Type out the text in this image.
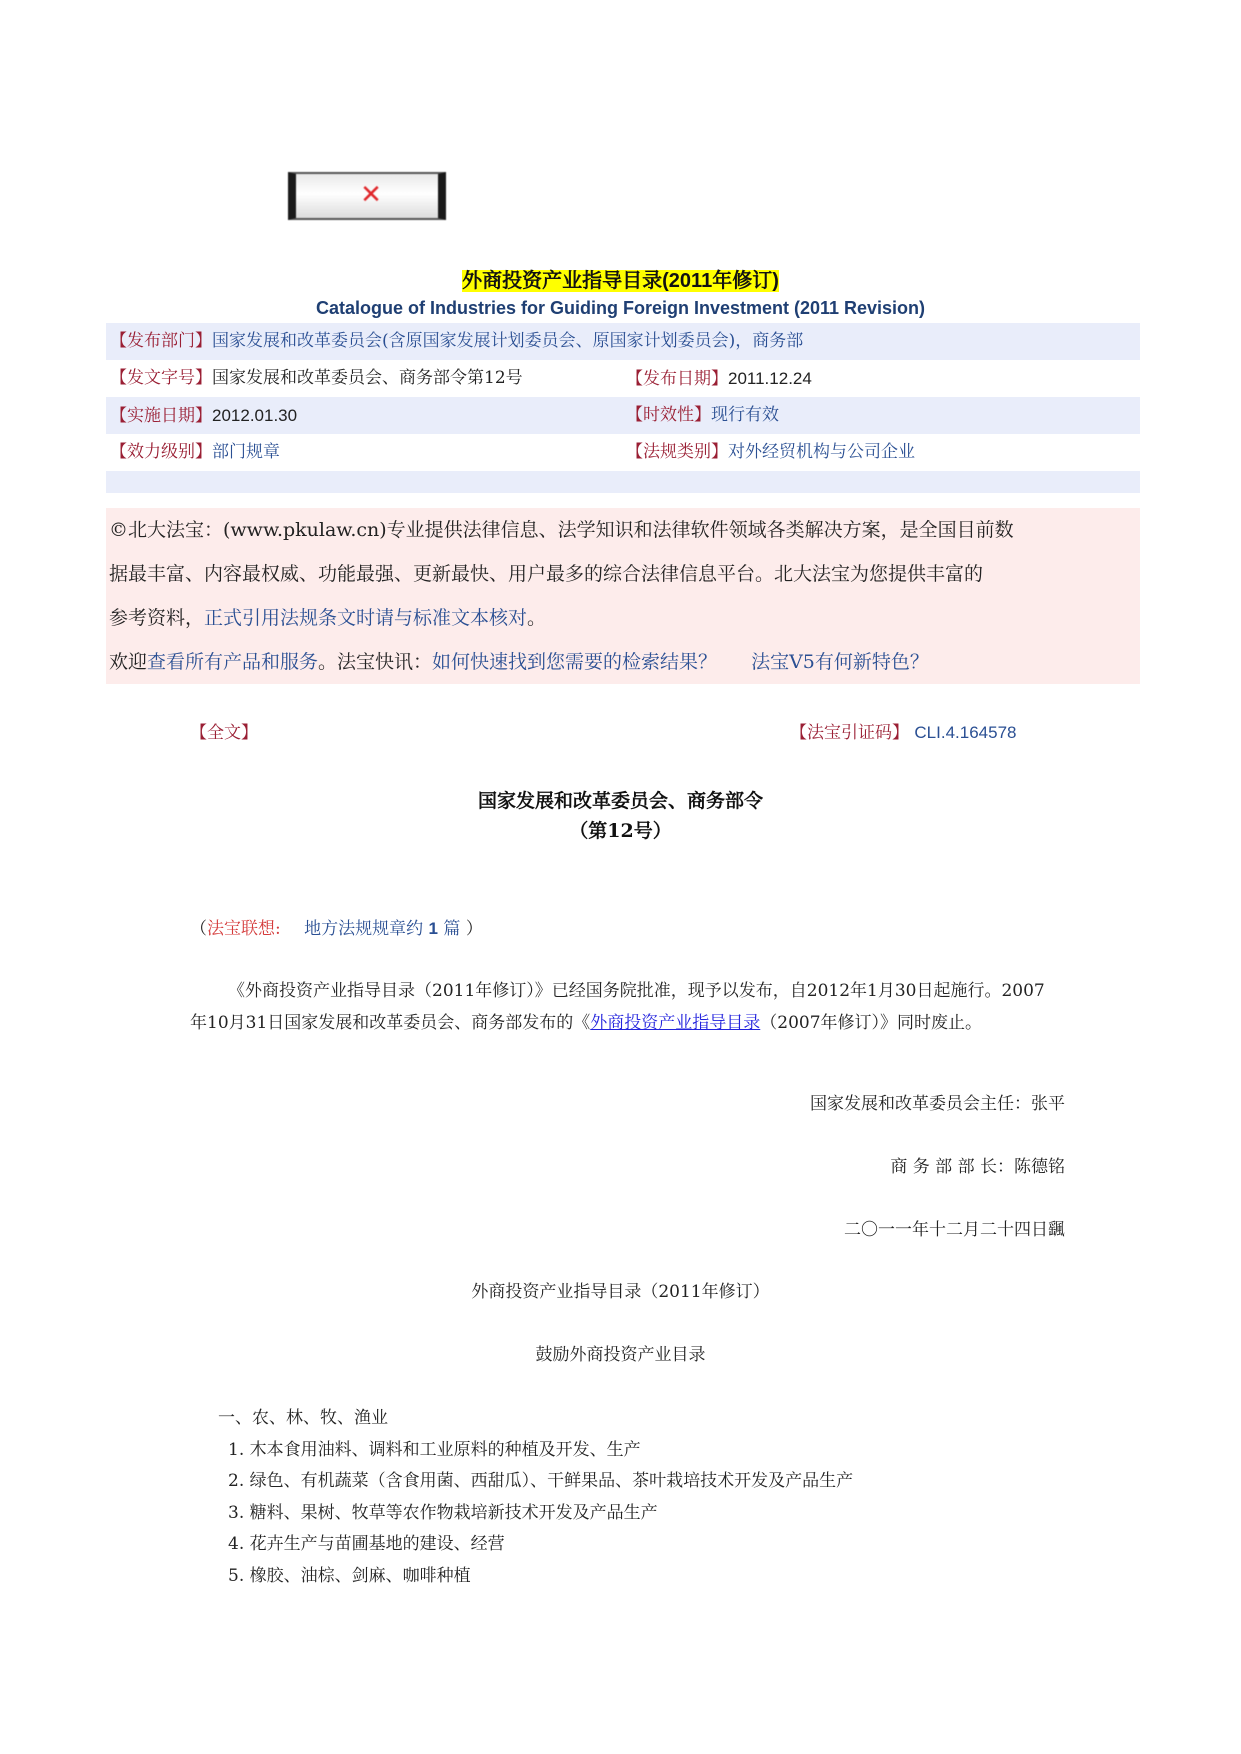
✕
外商投资产业指导目录(2011年修订)
Catalogue of Industries for Guiding Foreign Investment (2011 Revision)
【发布部门】国家发展和改革委员会(含原国家发展计划委员会、原国家计划委员会)，商务部
【发文字号】国家发展和改革委员会、商务部令第12号	【发布日期】2011.12.24
【实施日期】2012.01.30	【时效性】现行有效
【效力级别】部门规章	【法规类别】对外经贸机构与公司企业

©北大法宝：(www.pkulaw.cn)专业提供法律信息、法学知识和法律软件领域各类解决方案，是全国目前数

据最丰富、内容最权威、功能最强、更新最快、用户最多的综合法律信息平台。北大法宝为您提供丰富的

参考资料，正式引用法规条文时请与标准文本核对。

欢迎查看所有产品和服务。法宝快讯：如何快速找到您需要的检索结果？ 法宝V5有何新特色？

【全文】	【法宝引证码】 CLI.4.164578
国家发展和改革委员会、商务部令
（第12号）
（法宝联想: 地方法规规章约 1 篇 ）
《外商投资产业指导目录（2011年修订）》已经国务院批准，现予以发布，自2012年1月30日起施行。2007年10月31日国家发展和改革委员会、商务部发布的《外商投资产业指导目录（2007年修订）》同时废止。
国家发展和改革委员会主任：张平
商 务 部 部 长：陈德铭
二〇一一年十二月二十四日颻
外商投资产业指导目录（2011年修订）
鼓励外商投资产业目录
一、农、林、牧、渔业
1. 木本食用油料、调料和工业原料的种植及开发、生产
2. 绿色、有机蔬菜（含食用菌、西甜瓜）、干鲜果品、茶叶栽培技术开发及产品生产
3. 糖料、果树、牧草等农作物栽培新技术开发及产品生产
4. 花卉生产与苗圃基地的建设、经营
5. 橡胶、油棕、剑麻、咖啡种植
